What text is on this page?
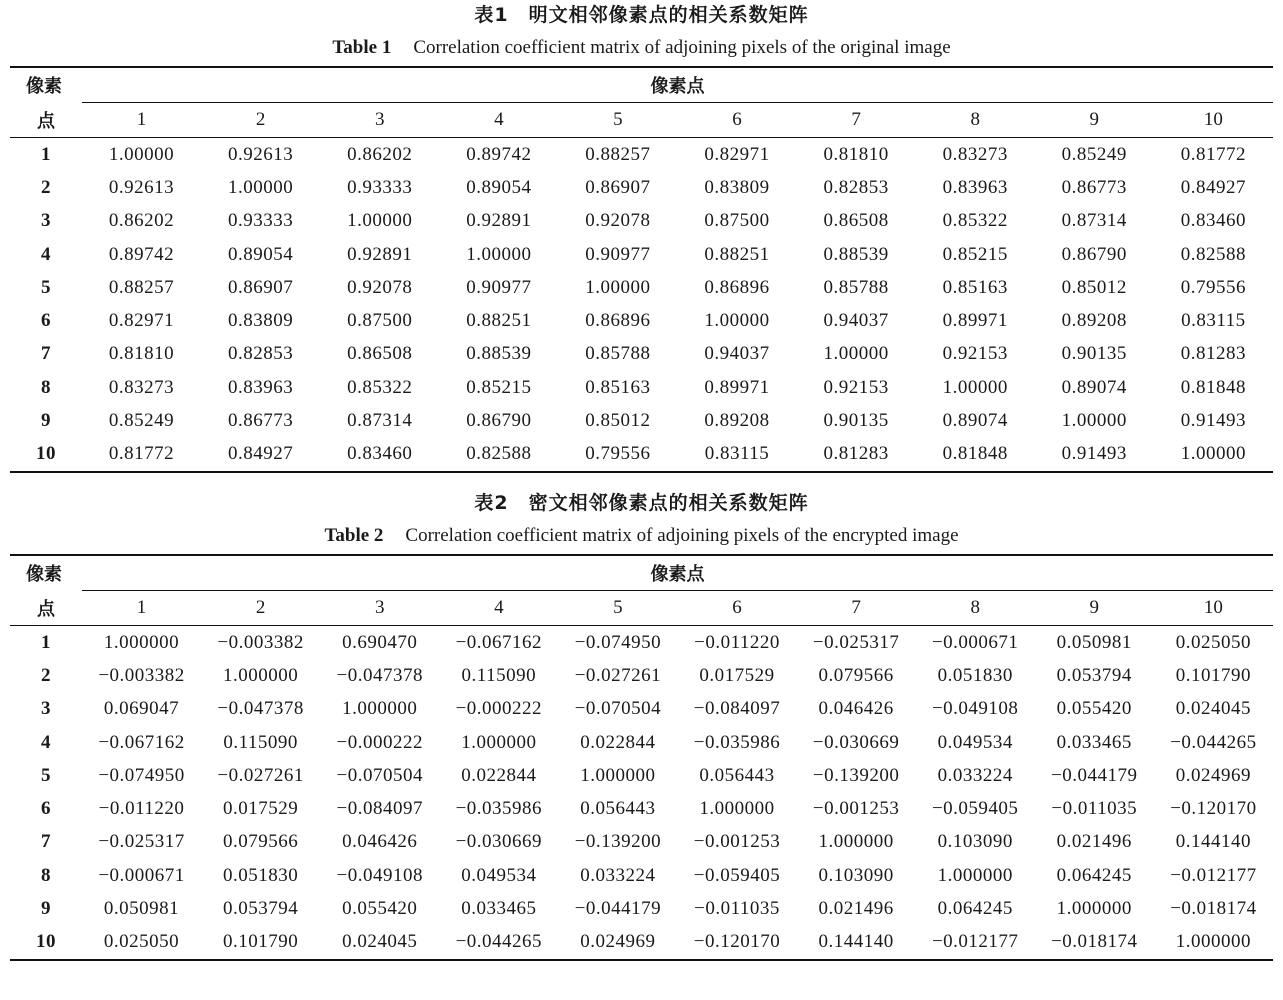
表1　明文相邻像素点的相关系数矩阵
Table 1 Correlation coefficient matrix of adjoining pixels of the original image
像素	像素点									
点	1	2	3	4	5	6	7	8	9	10
1	1.00000	0.92613	0.86202	0.89742	0.88257	0.82971	0.81810	0.83273	0.85249	0.81772
2	0.92613	1.00000	0.93333	0.89054	0.86907	0.83809	0.82853	0.83963	0.86773	0.84927
3	0.86202	0.93333	1.00000	0.92891	0.92078	0.87500	0.86508	0.85322	0.87314	0.83460
4	0.89742	0.89054	0.92891	1.00000	0.90977	0.88251	0.88539	0.85215	0.86790	0.82588
5	0.88257	0.86907	0.92078	0.90977	1.00000	0.86896	0.85788	0.85163	0.85012	0.79556
6	0.82971	0.83809	0.87500	0.88251	0.86896	1.00000	0.94037	0.89971	0.89208	0.83115
7	0.81810	0.82853	0.86508	0.88539	0.85788	0.94037	1.00000	0.92153	0.90135	0.81283
8	0.83273	0.83963	0.85322	0.85215	0.85163	0.89971	0.92153	1.00000	0.89074	0.81848
9	0.85249	0.86773	0.87314	0.86790	0.85012	0.89208	0.90135	0.89074	1.00000	0.91493
10	0.81772	0.84927	0.83460	0.82588	0.79556	0.83115	0.81283	0.81848	0.91493	1.00000
表2　密文相邻像素点的相关系数矩阵
Table 2 Correlation coefficient matrix of adjoining pixels of the encrypted image
像素	像素点									
点	1	2	3	4	5	6	7	8	9	10
1	1.000000	−0.003382	0.690470	−0.067162	−0.074950	−0.011220	−0.025317	−0.000671	0.050981	0.025050
2	−0.003382	1.000000	−0.047378	0.115090	−0.027261	0.017529	0.079566	0.051830	0.053794	0.101790
3	0.069047	−0.047378	1.000000	−0.000222	−0.070504	−0.084097	0.046426	−0.049108	0.055420	0.024045
4	−0.067162	0.115090	−0.000222	1.000000	0.022844	−0.035986	−0.030669	0.049534	0.033465	−0.044265
5	−0.074950	−0.027261	−0.070504	0.022844	1.000000	0.056443	−0.139200	0.033224	−0.044179	0.024969
6	−0.011220	0.017529	−0.084097	−0.035986	0.056443	1.000000	−0.001253	−0.059405	−0.011035	−0.120170
7	−0.025317	0.079566	0.046426	−0.030669	−0.139200	−0.001253	1.000000	0.103090	0.021496	0.144140
8	−0.000671	0.051830	−0.049108	0.049534	0.033224	−0.059405	0.103090	1.000000	0.064245	−0.012177
9	0.050981	0.053794	0.055420	0.033465	−0.044179	−0.011035	0.021496	0.064245	1.000000	−0.018174
10	0.025050	0.101790	0.024045	−0.044265	0.024969	−0.120170	0.144140	−0.012177	−0.018174	1.000000
